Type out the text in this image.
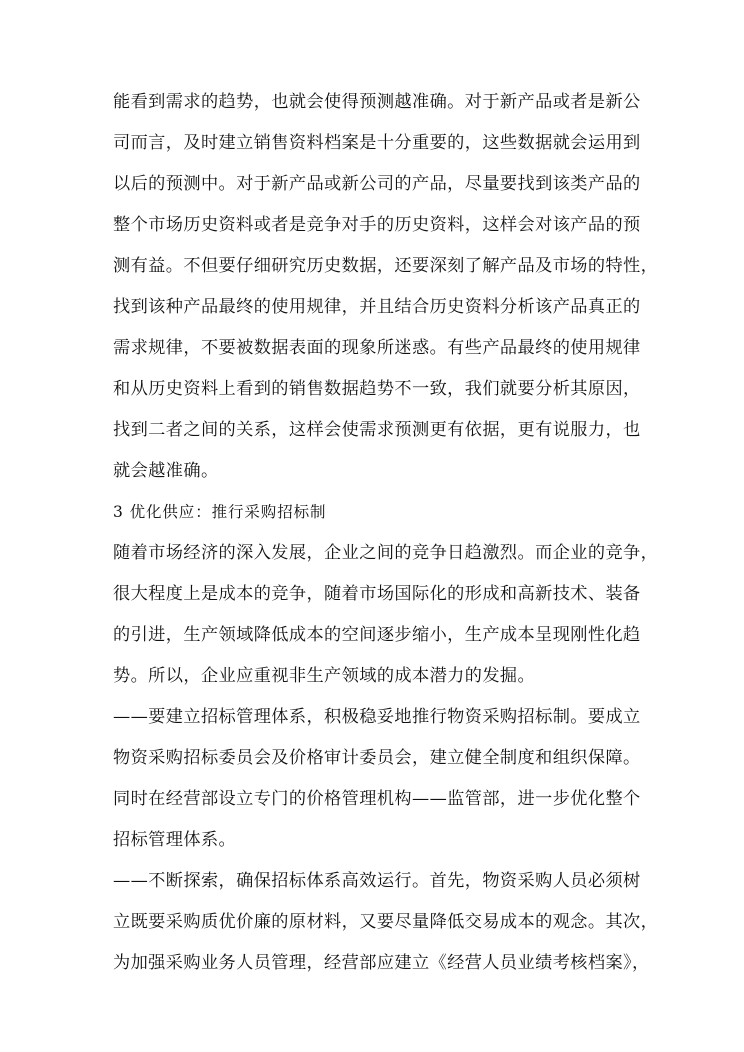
能看到需求的趋势，也就会使得预测越准确。对于新产品或者是新公
司而言，及时建立销售资料档案是十分重要的，这些数据就会运用到
以后的预测中。对于新产品或新公司的产品，尽量要找到该类产品的
整个市场历史资料或者是竞争对手的历史资料，这样会对该产品的预
测有益。不但要仔细研究历史数据，还要深刻了解产品及市场的特性，
找到该种产品最终的使用规律，并且结合历史资料分析该产品真正的
需求规律，不要被数据表面的现象所迷惑。有些产品最终的使用规律
和从历史资料上看到的销售数据趋势不一致，我们就要分析其原因，
找到二者之间的关系，这样会使需求预测更有依据，更有说服力，也
就会越准确。
3 优化供应：推行采购招标制
随着市场经济的深入发展，企业之间的竞争日趋激烈。而企业的竞争，
很大程度上是成本的竞争，随着市场国际化的形成和高新技术、装备
的引进，生产领域降低成本的空间逐步缩小，生产成本呈现刚性化趋
势。所以，企业应重视非生产领域的成本潜力的发掘。
——要建立招标管理体系，积极稳妥地推行物资采购招标制。要成立
物资采购招标委员会及价格审计委员会，建立健全制度和组织保障。
同时在经营部设立专门的价格管理机构——监管部，进一步优化整个
招标管理体系。
——不断探索，确保招标体系高效运行。首先，物资采购人员必须树
立既要采购质优价廉的原材料，又要尽量降低交易成本的观念。其次，
为加强采购业务人员管理，经营部应建立《经营人员业绩考核档案》，
